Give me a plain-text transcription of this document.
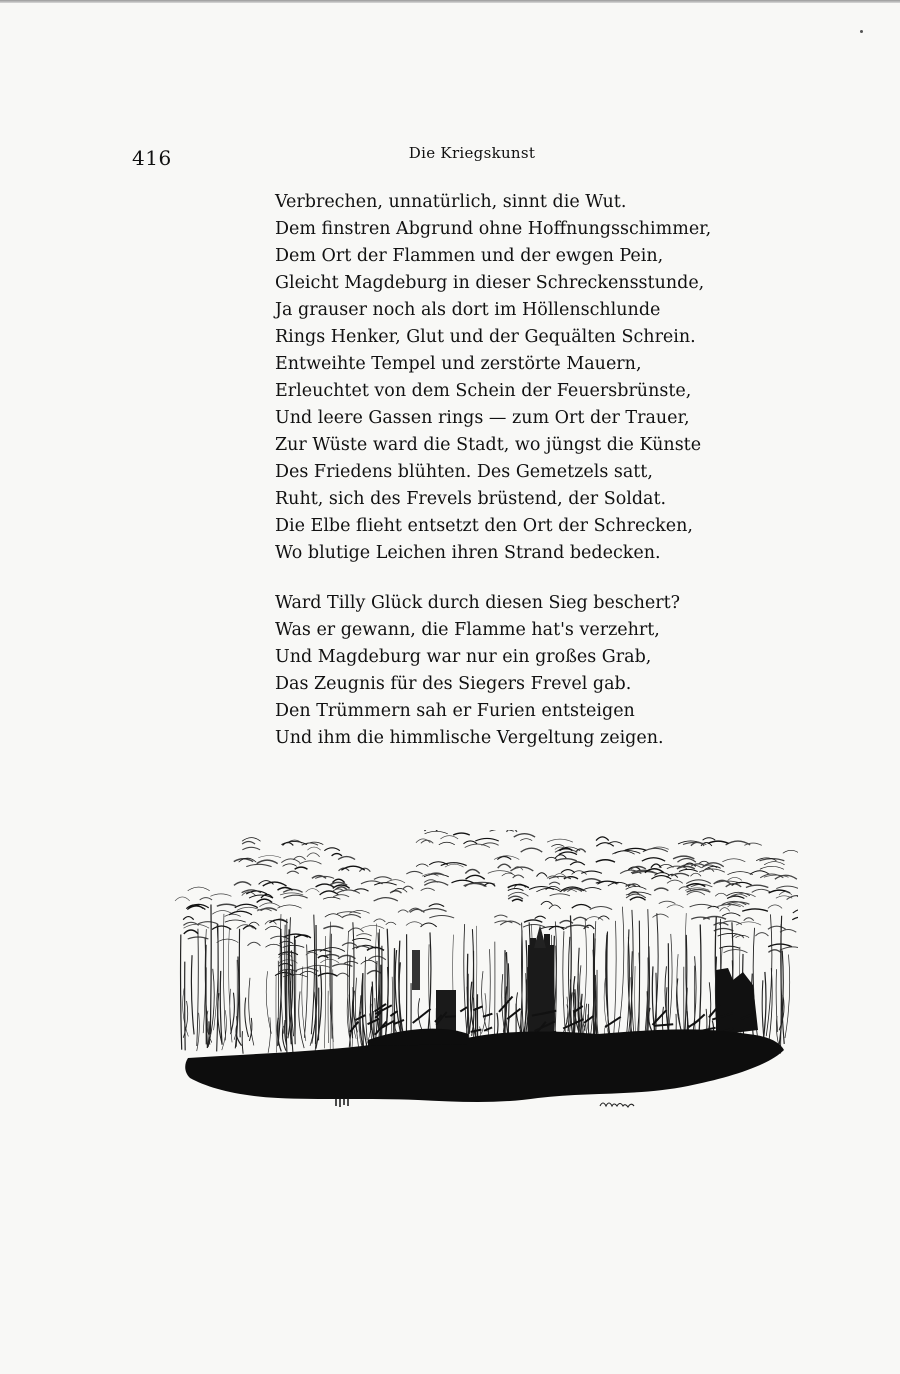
416	Die Kriegskunst
Verbrechen, unnatürlich, sinnt die Wut.
Dem finstren Abgrund ohne Hoffnungsschimmer,
Dem Ort der Flammen und der ewgen Pein,
Gleicht Magdeburg in dieser Schreckensstunde,
Ja grauser noch als dort im Höllenschlunde
Rings Henker, Glut und der Gequälten Schrein.
Entweihte Tempel und zerstörte Mauern,
Erleuchtet von dem Schein der Feuersbrünste,
Und leere Gassen rings — zum Ort der Trauer,
Zur Wüste ward die Stadt, wo jüngst die Künste
Des Friedens blühten. Des Gemetzels satt,
Ruht, sich des Frevels brüstend, der Soldat.
Die Elbe flieht entsetzt den Ort der Schrecken,
Wo blutige Leichen ihren Strand bedecken.
Ward Tilly Glück durch diesen Sieg beschert?
Was er gewann, die Flamme hat's verzehrt,
Und Magdeburg war nur ein großes Grab,
Das Zeugnis für des Siegers Frevel gab.
Den Trümmern sah er Furien entsteigen
Und ihm die himmlische Vergeltung zeigen.
